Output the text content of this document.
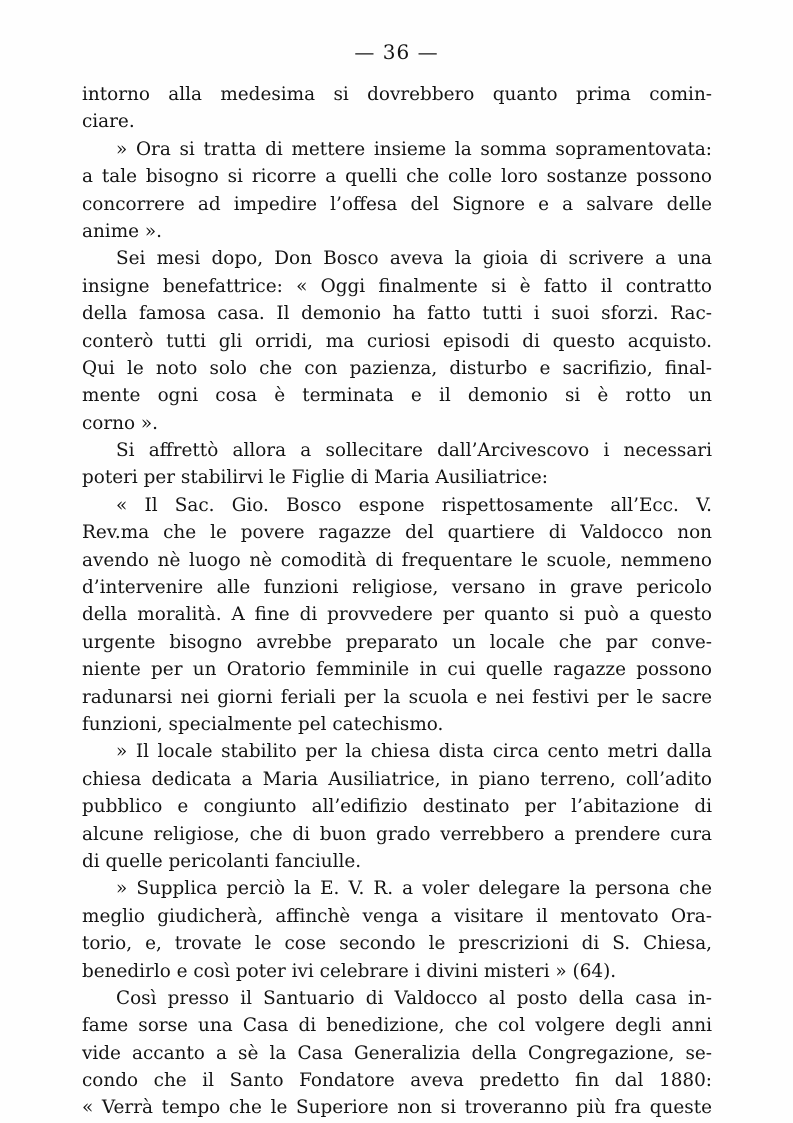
— 36 —
intorno alla medesima si dovrebbero quanto prima comin-
ciare.
» Ora si tratta di mettere insieme la somma sopramentovata:
a tale bisogno si ricorre a quelli che colle loro sostanze possono
concorrere ad impedire l’offesa del Signore e a salvare delle
anime ».
Sei mesi dopo, Don Bosco aveva la gioia di scrivere a una
insigne benefattrice: « Oggi finalmente si è fatto il contratto
della famosa casa. Il demonio ha fatto tutti i suoi sforzi. Rac-
conterò tutti gli orridi, ma curiosi episodi di questo acquisto.
Qui le noto solo che con pazienza, disturbo e sacrifizio, final-
mente ogni cosa è terminata e il demonio si è rotto un
corno ».
Si affrettò allora a sollecitare dall’Arcivescovo i necessari
poteri per stabilirvi le Figlie di Maria Ausiliatrice:
« Il Sac. Gio. Bosco espone rispettosamente all’Ecc. V.
Rev.ma che le povere ragazze del quartiere di Valdocco non
avendo nè luogo nè comodità di frequentare le scuole, nemmeno
d’intervenire alle funzioni religiose, versano in grave pericolo
della moralità. A fine di provvedere per quanto si può a questo
urgente bisogno avrebbe preparato un locale che par conve-
niente per un Oratorio femminile in cui quelle ragazze possono
radunarsi nei giorni feriali per la scuola e nei festivi per le sacre
funzioni, specialmente pel catechismo.
» Il locale stabilito per la chiesa dista circa cento metri dalla
chiesa dedicata a Maria Ausiliatrice, in piano terreno, coll’adito
pubblico e congiunto all’edifizio destinato per l’abitazione di
alcune religiose, che di buon grado verrebbero a prendere cura
di quelle pericolanti fanciulle.
» Supplica perciò la E. V. R. a voler delegare la persona che
meglio giudicherà, affinchè venga a visitare il mentovato Ora-
torio, e, trovate le cose secondo le prescrizioni di S. Chiesa,
benedirlo e così poter ivi celebrare i divini misteri » (64).
Così presso il Santuario di Valdocco al posto della casa in-
fame sorse una Casa di benedizione, che col volgere degli anni
vide accanto a sè la Casa Generalizia della Congregazione, se-
condo che il Santo Fondatore aveva predetto fin dal 1880:
« Verrà tempo che le Superiore non si troveranno più fra queste
